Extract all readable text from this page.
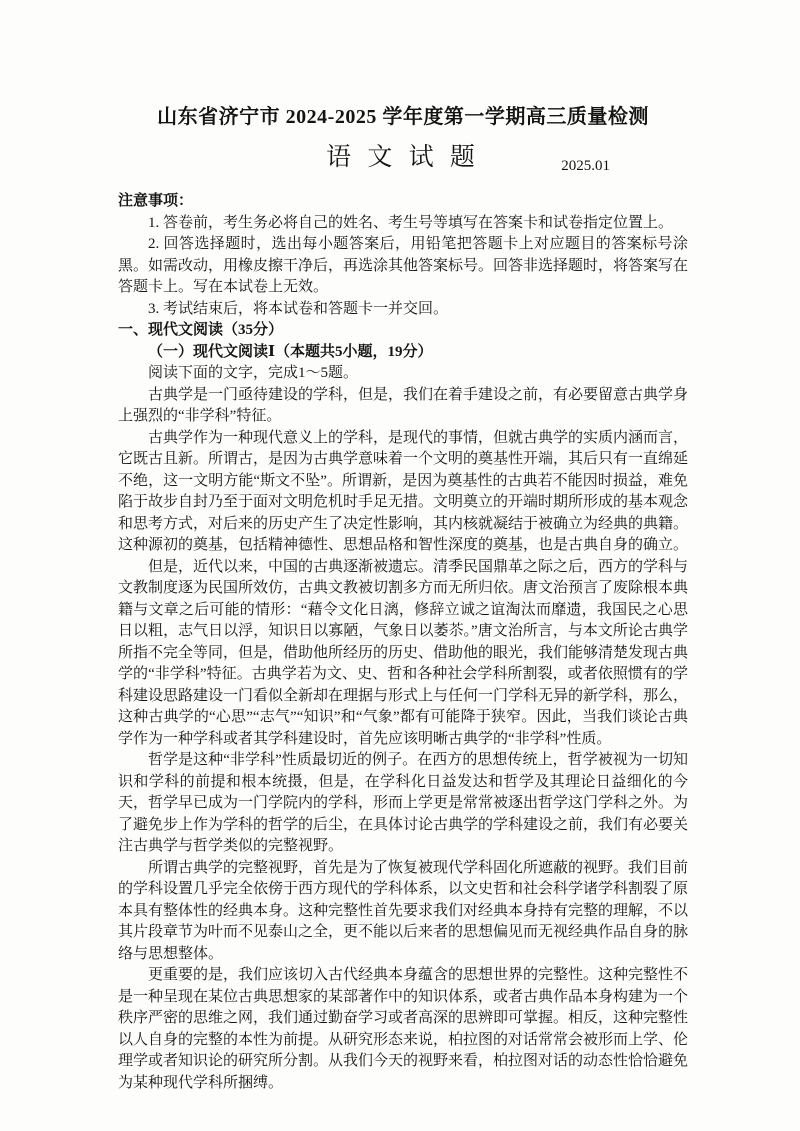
山东省济宁市 2024-2025 学年度第一学期高三质量检测
语 文 试 题	2025.01

注意事项：

1. 答卷前，考生务必将自己的姓名、考生号等填写在答案卡和试卷指定位置上。

2. 回答选择题时，选出每小题答案后，用铅笔把答题卡上对应题目的答案标号涂黑。如需改动，用橡皮擦干净后，再选涂其他答案标号。回答非选择题时，将答案写在答题卡上。写在本试卷上无效。

3. 考试结束后，将本试卷和答题卡一并交回。

一、现代文阅读（35分）

（一）现代文阅读Ⅰ（本题共5小题，19分）

阅读下面的文字，完成1～5题。

古典学是一门亟待建设的学科，但是，我们在着手建设之前，有必要留意古典学身上强烈的“非学科”特征。

古典学作为一种现代意义上的学科，是现代的事情，但就古典学的实质内涵而言，它既古且新。所谓古，是因为古典学意味着一个文明的奠基性开端，其后只有一直绵延不绝，这一文明方能“斯文不坠”。所谓新，是因为奠基性的古典若不能因时损益，难免陷于故步自封乃至于面对文明危机时手足无措。文明奠立的开端时期所形成的基本观念和思考方式，对后来的历史产生了决定性影响，其内核就凝结于被确立为经典的典籍。这种源初的奠基，包括精神德性、思想品格和智性深度的奠基，也是古典自身的确立。

但是，近代以来，中国的古典逐渐被遗忘。清季民国鼎革之际之后，西方的学科与文教制度逐为民国所效仿，古典文教被切割多方而无所归依。唐文治预言了废除根本典籍与文章之后可能的情形：“藉令文化日漓，修辞立诚之谊淘汰而靡遗，我国民之心思日以粗，志气日以浮，知识日以寡陋，气象日以萎苶。”唐文治所言，与本文所论古典学所指不完全等同，但是，借助他所经历的历史、借助他的眼光，我们能够清楚发现古典学的“非学科”特征。古典学若为文、史、哲和各种社会学科所割裂，或者依照惯有的学科建设思路建设一门看似全新却在理据与形式上与任何一门学科无异的新学科，那么，这种古典学的“心思”“志气”“知识”和“气象”都有可能降于狭窄。因此，当我们谈论古典学作为一种学科或者其学科建设时，首先应该明晰古典学的“非学科”性质。

哲学是这种“非学科”性质最切近的例子。在西方的思想传统上，哲学被视为一切知识和学科的前提和根本统摄，但是，在学科化日益发达和哲学及其理论日益细化的今天，哲学早已成为一门学院内的学科，形而上学更是常常被逐出哲学这门学科之外。为了避免步上作为学科的哲学的后尘，在具体讨论古典学的学科建设之前，我们有必要关注古典学与哲学类似的完整视野。

所谓古典学的完整视野，首先是为了恢复被现代学科固化所遮蔽的视野。我们目前的学科设置几乎完全依傍于西方现代的学科体系，以文史哲和社会科学诸学科割裂了原本具有整体性的经典本身。这种完整性首先要求我们对经典本身持有完整的理解，不以其片段章节为叶而不见泰山之全，更不能以后来者的思想偏见而无视经典作品自身的脉络与思想整体。

更重要的是，我们应该切入古代经典本身蕴含的思想世界的完整性。这种完整性不是一种呈现在某位古典思想家的某部著作中的知识体系，或者古典作品本身构建为一个秩序严密的思维之网，我们通过勤奋学习或者高深的思辨即可掌握。相反，这种完整性以人自身的完整的本性为前提。从研究形态来说，柏拉图的对话常常会被形而上学、伦理学或者知识论的研究所分割。从我们今天的视野来看，柏拉图对话的动态性恰恰避免为某种现代学科所捆缚。
